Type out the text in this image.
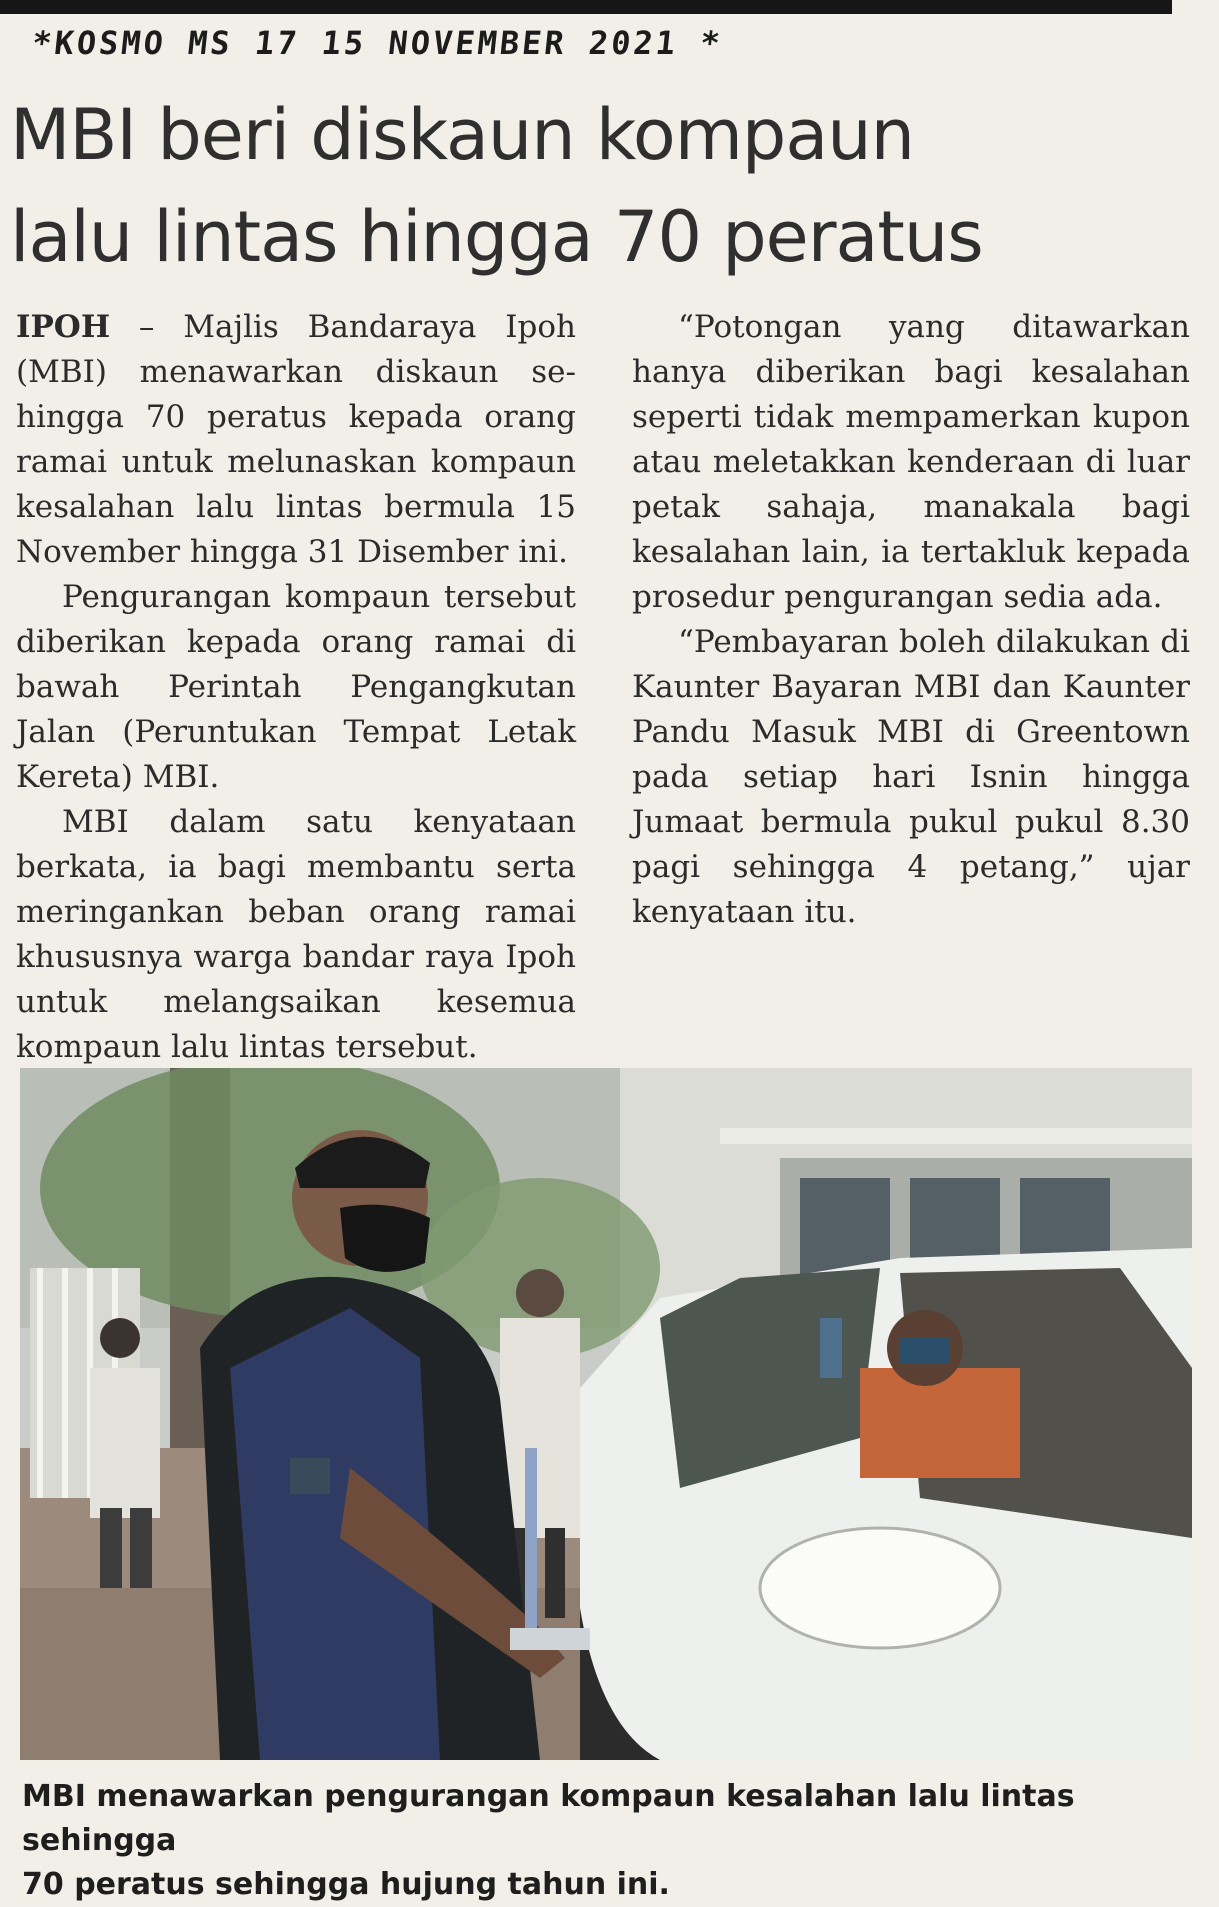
*KOSMO MS 17 15 NOVEMBER 2021 *
MBI beri diskaun kompaun
lalu lintas hingga 70 peratus

IPOH – Majlis Bandaraya Ipoh (MBI) menawarkan diskaun sehingga 70 peratus kepada orang ramai untuk melunaskan kompaun kesalahan lalu lintas bermula 15 November hingga 31 Disember ini.

Pengurangan kompaun tersebut diberikan kepada orang ramai di bawah Perintah Pengangkutan Jalan (Peruntukan Tempat Letak Kereta) MBI.

MBI dalam satu kenyataan berkata, ia bagi membantu serta meringankan beban orang ramai khususnya warga bandar raya Ipoh untuk melangsaikan kesemua kompaun lalu lintas tersebut.

“Potongan yang ditawarkan hanya diberikan bagi kesalahan seperti tidak mempamerkan kupon atau meletakkan kenderaan di luar petak sahaja, manakala bagi kesalahan lain, ia tertakluk kepada prosedur pengurangan sedia ada.

“Pembayaran boleh dilakukan di Kaunter Bayaran MBI dan Kaunter Pandu Masuk MBI di Greentown pada setiap hari Isnin hingga Jumaat bermula pukul pukul 8.30 pagi sehingga 4 petang,” ujar kenyataan itu.

MBI menawarkan pengurangan kompaun kesalahan lalu lintas sehingga
70 peratus sehingga hujung tahun ini.
